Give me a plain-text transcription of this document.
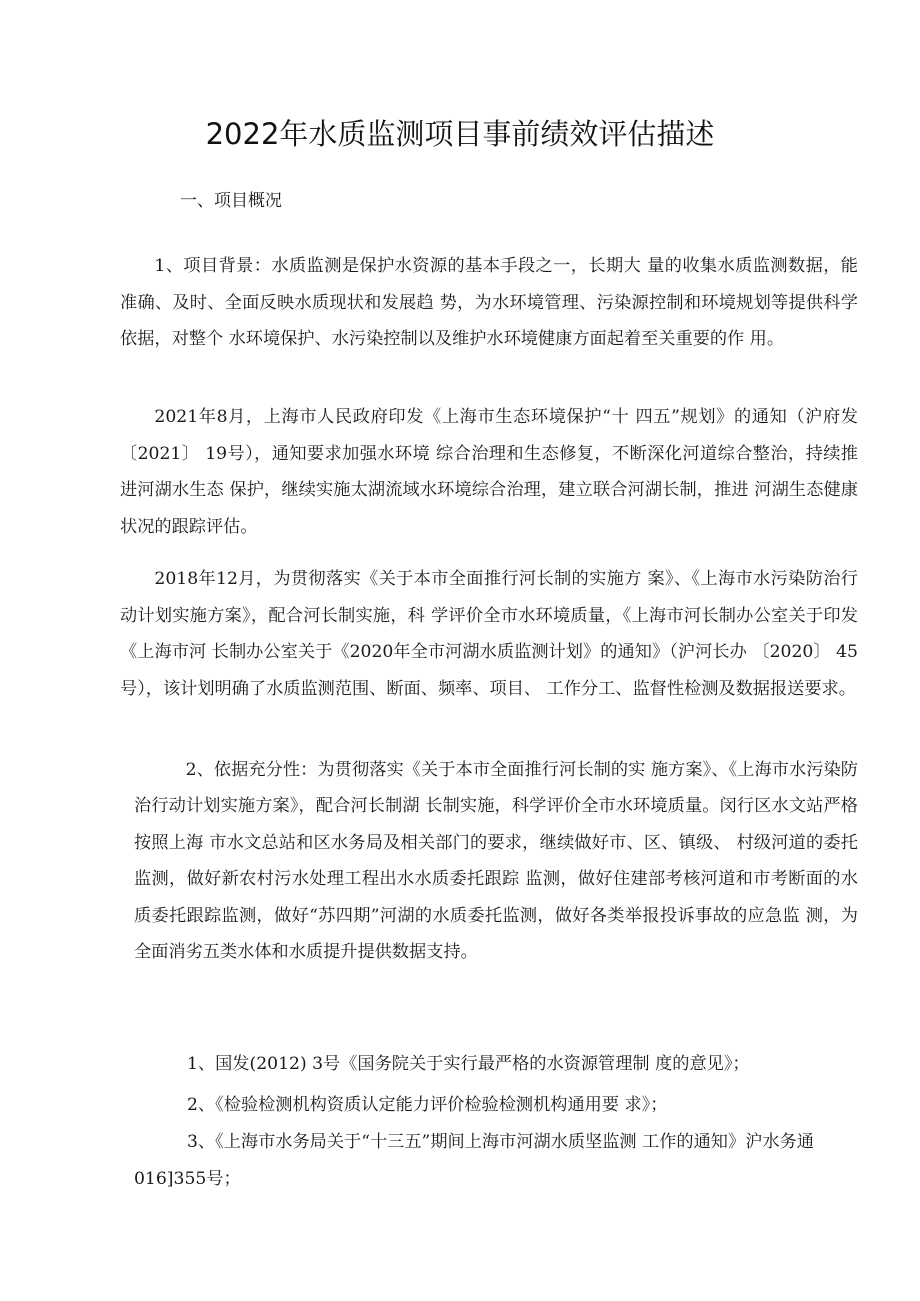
2022年水质监测项目事前绩效评估描述
一、项目概况

1、项目背景：水质监测是保护水资源的基本手段之一，长期大 量的收集水质监测数据，能准确、及时、全面反映水质现状和发展趋 势，为水环境管理、污染源控制和环境规划等提供科学依据，对整个 水环境保护、水污染控制以及维护水环境健康方面起着至关重要的作 用。

2021年8月，上海市人民政府印发《上海市生态环境保护“十 四五”规划》的通知（沪府发〔2021〕 19号），通知要求加强水环境 综合治理和生态修复，不断深化河道综合整治，持续推进河湖水生态 保护，继续实施太湖流域水环境综合治理，建立联合河湖长制，推进 河湖生态健康状况的跟踪评估。

2018年12月，为贯彻落实《关于本市全面推行河长制的实施方 案》、《上海市水污染防治行动计划实施方案》，配合河长制实施，科 学评价全市水环境质量，《上海市河长制办公室关于印发《上海市河 长制办公室关于《2020年全市河湖水质监测计划》的通知》（沪河长办 〔2020〕 45号），该计划明确了水质监测范围、断面、频率、项目、 工作分工、监督性检测及数据报送要求。

2、依据充分性：为贯彻落实《关于本市全面推行河长制的实 施方案》、《上海市水污染防治行动计划实施方案》，配合河长制湖 长制实施，科学评价全市水环境质量。闵行区水文站严格按照上海 市水文总站和区水务局及相关部门的要求，继续做好市、区、镇级、 村级河道的委托监测，做好新农村污水处理工程出水水质委托跟踪 监测，做好住建部考核河道和市考断面的水质委托跟踪监测，做好“苏四期”河湖的水质委托监测，做好各类举报投诉事故的应急监 测，为全面消劣五类水体和水质提升提供数据支持。

1、国发(2012) 3号《国务院关于实行最严格的水资源管理制 度的意见》；

2、《检验检测机构资质认定能力评价检验检测机构通用要 求》；

3、《上海市水务局关于“十三五”期间上海市河湖水质坚监测 工作的通知》沪水务通016]355号；
